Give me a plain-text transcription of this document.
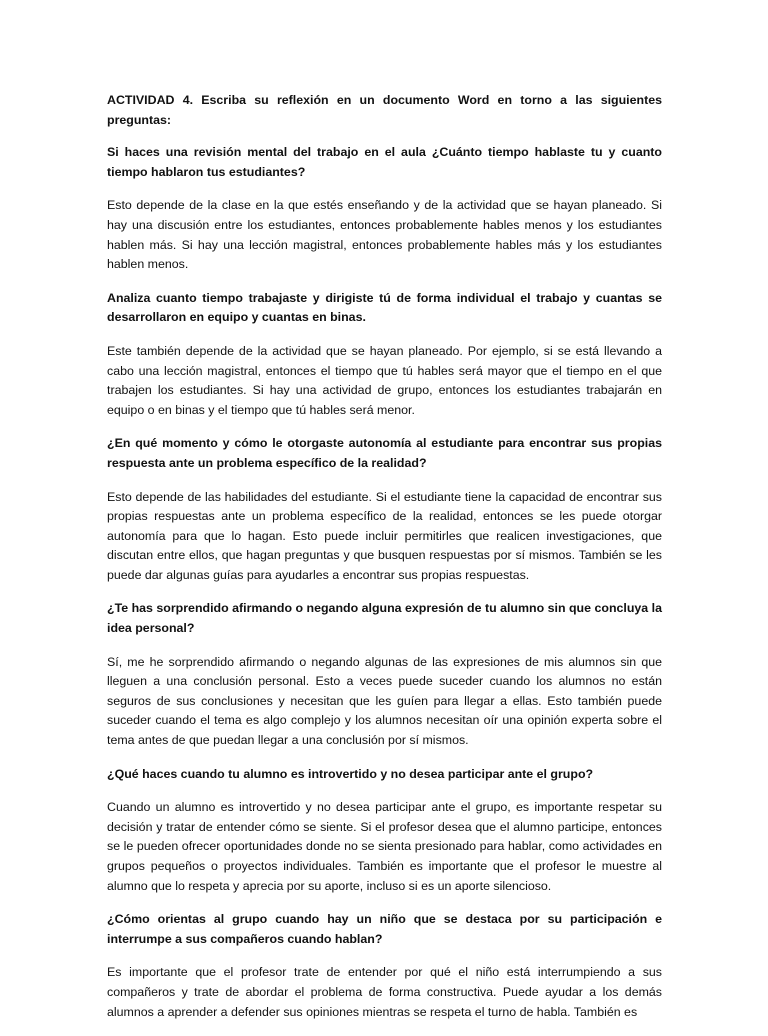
ACTIVIDAD 4. Escriba su reflexión en un documento Word en torno a las siguientes preguntas:

Si haces una revisión mental del trabajo en el aula ¿Cuánto tiempo hablaste tu y cuanto tiempo hablaron tus estudiantes?

Esto depende de la clase en la que estés enseñando y de la actividad que se hayan planeado. Si hay una discusión entre los estudiantes, entonces probablemente hables menos y los estudiantes hablen más. Si hay una lección magistral, entonces probablemente hables más y los estudiantes hablen menos.

Analiza cuanto tiempo trabajaste y dirigiste tú de forma individual el trabajo y cuantas se desarrollaron en equipo y cuantas en binas.

Este también depende de la actividad que se hayan planeado. Por ejemplo, si se está llevando a cabo una lección magistral, entonces el tiempo que tú hables será mayor que el tiempo en el que trabajen los estudiantes. Si hay una actividad de grupo, entonces los estudiantes trabajarán en equipo o en binas y el tiempo que tú hables será menor.

¿En qué momento y cómo le otorgaste autonomía al estudiante para encontrar sus propias respuesta ante un problema específico de la realidad?

Esto depende de las habilidades del estudiante. Si el estudiante tiene la capacidad de encontrar sus propias respuestas ante un problema específico de la realidad, entonces se les puede otorgar autonomía para que lo hagan. Esto puede incluir permitirles que realicen investigaciones, que discutan entre ellos, que hagan preguntas y que busquen respuestas por sí mismos. También se les puede dar algunas guías para ayudarles a encontrar sus propias respuestas.

¿Te has sorprendido afirmando o negando alguna expresión de tu alumno sin que concluya la idea personal?

Sí, me he sorprendido afirmando o negando algunas de las expresiones de mis alumnos sin que lleguen a una conclusión personal. Esto a veces puede suceder cuando los alumnos no están seguros de sus conclusiones y necesitan que les guíen para llegar a ellas. Esto también puede suceder cuando el tema es algo complejo y los alumnos necesitan oír una opinión experta sobre el tema antes de que puedan llegar a una conclusión por sí mismos.

¿Qué haces cuando tu alumno es introvertido y no desea participar ante el grupo?

Cuando un alumno es introvertido y no desea participar ante el grupo, es importante respetar su decisión y tratar de entender cómo se siente. Si el profesor desea que el alumno participe, entonces se le pueden ofrecer oportunidades donde no se sienta presionado para hablar, como actividades en grupos pequeños o proyectos individuales. También es importante que el profesor le muestre al alumno que lo respeta y aprecia por su aporte, incluso si es un aporte silencioso.

¿Cómo orientas al grupo cuando hay un niño que se destaca por su participación e interrumpe a sus compañeros cuando hablan?

Es importante que el profesor trate de entender por qué el niño está interrumpiendo a sus compañeros y trate de abordar el problema de forma constructiva. Puede ayudar a los demás alumnos a aprender a defender sus opiniones mientras se respeta el turno de habla. También es
